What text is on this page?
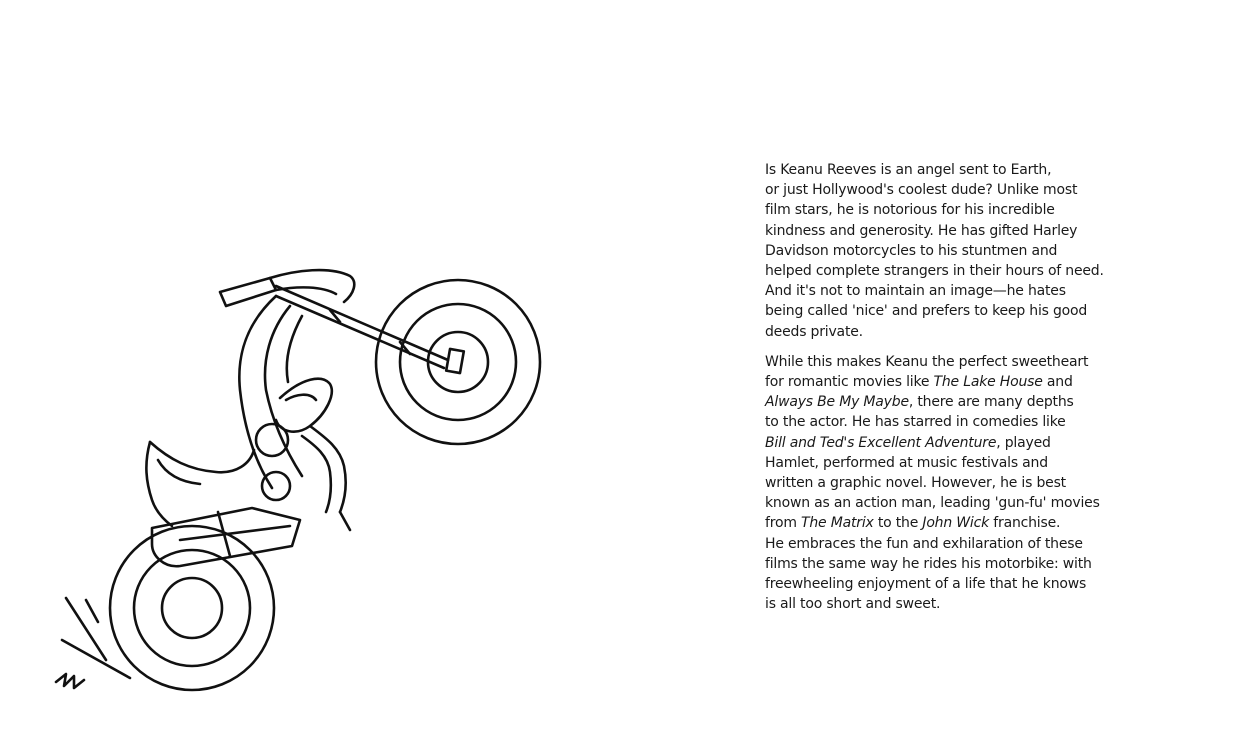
Is Keanu Reeves is an angel sent to Earth,
or just Hollywood's coolest dude? Unlike most
film stars, he is notorious for his incredible
kindness and generosity. He has gifted Harley
Davidson motorcycles to his stuntmen and
helped complete strangers in their hours of need.
And it's not to maintain an image—he hates
being called 'nice' and prefers to keep his good
deeds private.

While this makes Keanu the perfect sweetheart
for romantic movies like The Lake House and
Always Be My Maybe, there are many depths
to the actor. He has starred in comedies like
Bill and Ted's Excellent Adventure, played
Hamlet, performed at music festivals and
written a graphic novel. However, he is best
known as an action man, leading 'gun-fu' movies
from The Matrix to the John Wick franchise.
He embraces the fun and exhilaration of these
films the same way he rides his motorbike: with
freewheeling enjoyment of a life that he knows
is all too short and sweet.
